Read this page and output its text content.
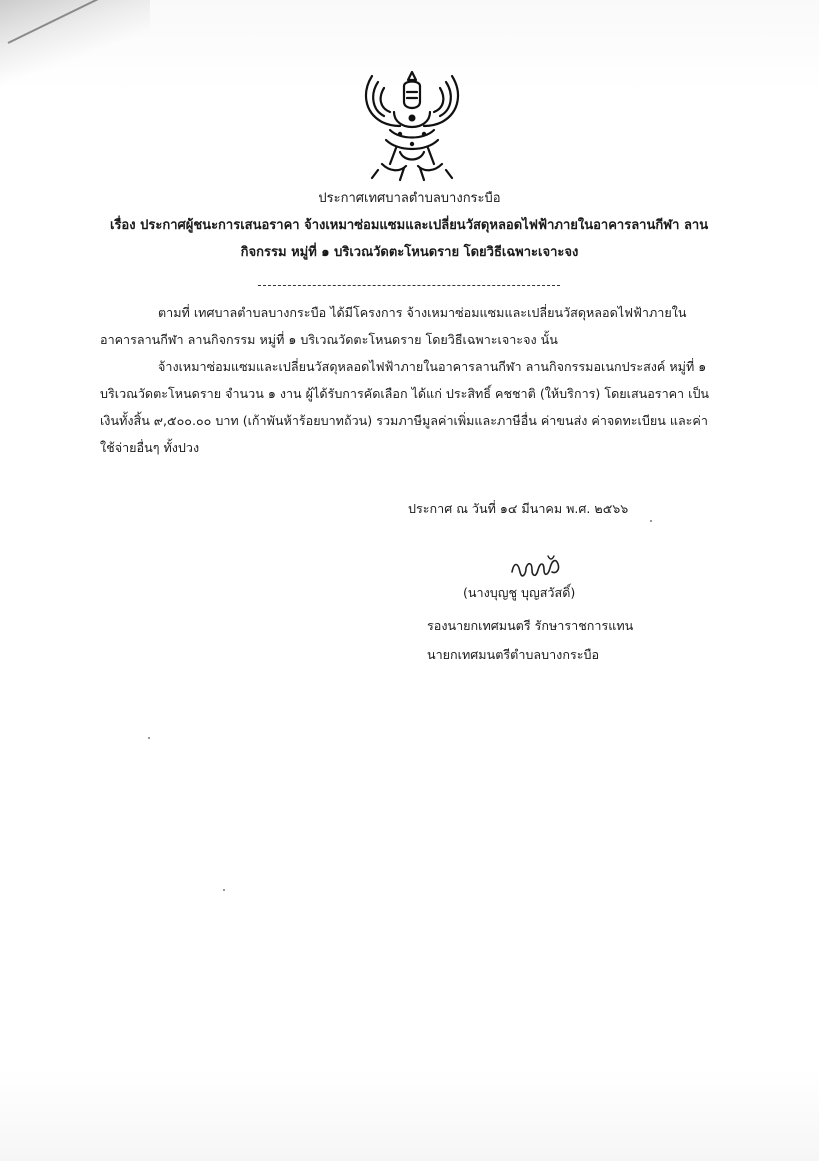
ประกาศเทศบาลตำบลบางกระบือ
เรื่อง ประกาศผู้ชนะการเสนอราคา จ้างเหมาซ่อมแซมและเปลี่ยนวัสดุหลอดไฟฟ้าภายในอาคารลานกีฬา ลาน
กิจกรรม หมู่ที่ ๑ บริเวณวัดตะโหนดราย โดยวิธีเฉพาะเจาะจง
ตามที่ เทศบาลตำบลบางกระบือ ได้มีโครงการ จ้างเหมาซ่อมแซมและเปลี่ยนวัสดุหลอดไฟฟ้าภายใน
อาคารลานกีฬา ลานกิจกรรม หมู่ที่ ๑ บริเวณวัดตะโหนดราย โดยวิธีเฉพาะเจาะจง นั้น
จ้างเหมาซ่อมแซมและเปลี่ยนวัสดุหลอดไฟฟ้าภายในอาคารลานกีฬา ลานกิจกรรมอเนกประสงค์ หมู่ที่ ๑
บริเวณวัดตะโหนดราย จำนวน ๑ งาน ผู้ได้รับการคัดเลือก ได้แก่ ประสิทธิ์ คชชาติ (ให้บริการ) โดยเสนอราคา เป็น
เงินทั้งสิ้น ๙,๕๐๐.๐๐ บาท (เก้าพันห้าร้อยบาทถ้วน) รวมภาษีมูลค่าเพิ่มและภาษีอื่น ค่าขนส่ง ค่าจดทะเบียน และค่า
ใช้จ่ายอื่นๆ ทั้งปวง
ประกาศ ณ วันที่ ๑๔ มีนาคม พ.ศ. ๒๕๖๖
(นางบุญชู บุญสวัสดิ์)
รองนายกเทศมนตรี รักษาราชการแทน
นายกเทศมนตรีตำบลบางกระบือ
